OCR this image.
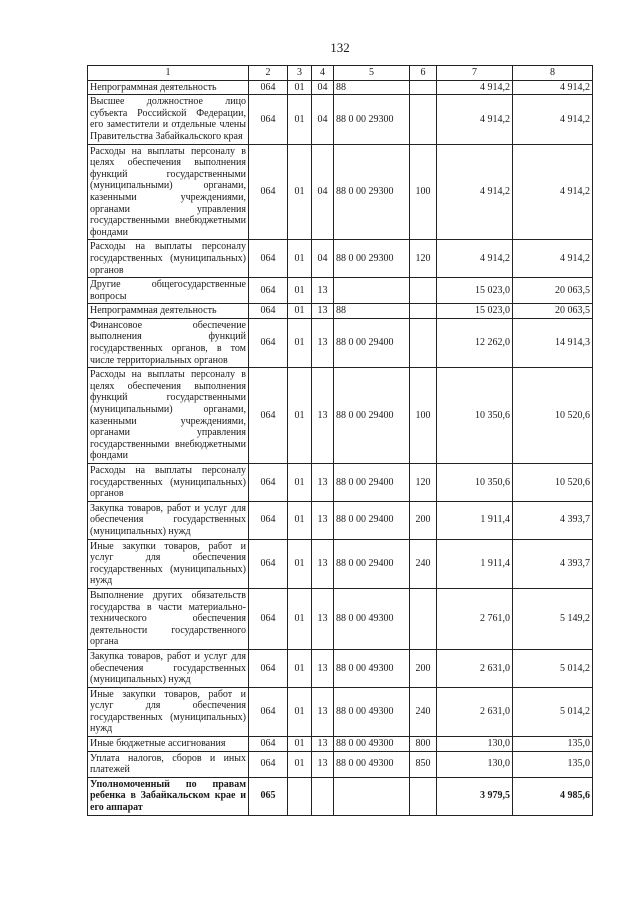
132
1	2	3	4	5	6	7	8
Непрограммная деятельность	064	01	04	88		4 914,2	4 914,2
Высшее должностное лицо субъекта Российской Федерации, его заместители и отдельные члены Правительства Забайкальского края	064	01	04	88 0 00 29300		4 914,2	4 914,2
Расходы на выплаты персоналу в целях обеспечения выполнения функций государственными (муниципальными) органами, казенными учреждениями, органами управления государственными внебюджетными фондами	064	01	04	88 0 00 29300	100	4 914,2	4 914,2
Расходы на выплаты персоналу государственных (муниципальных) органов	064	01	04	88 0 00 29300	120	4 914,2	4 914,2
Другие общегосударственные вопросы	064	01	13			15 023,0	20 063,5
Непрограммная деятельность	064	01	13	88		15 023,0	20 063,5
Финансовое обеспечение выполнения функций государственных органов, в том числе территориальных органов	064	01	13	88 0 00 29400		12 262,0	14 914,3
Расходы на выплаты персоналу в целях обеспечения выполнения функций государственными (муниципальными) органами, казенными учреждениями, органами управления государственными внебюджетными фондами	064	01	13	88 0 00 29400	100	10 350,6	10 520,6
Расходы на выплаты персоналу государственных (муниципальных) органов	064	01	13	88 0 00 29400	120	10 350,6	10 520,6
Закупка товаров, работ и услуг для обеспечения государственных (муниципальных) нужд	064	01	13	88 0 00 29400	200	1 911,4	4 393,7
Иные закупки товаров, работ и услуг для обеспечения государственных (муниципальных) нужд	064	01	13	88 0 00 29400	240	1 911,4	4 393,7
Выполнение других обязательств государства в части материально-технического обеспечения деятельности государственного органа	064	01	13	88 0 00 49300		2 761,0	5 149,2
Закупка товаров, работ и услуг для обеспечения государственных (муниципальных) нужд	064	01	13	88 0 00 49300	200	2 631,0	5 014,2
Иные закупки товаров, работ и услуг для обеспечения государственных (муниципальных) нужд	064	01	13	88 0 00 49300	240	2 631,0	5 014,2
Иные бюджетные ассигнования	064	01	13	88 0 00 49300	800	130,0	135,0
Уплата налогов, сборов и иных платежей	064	01	13	88 0 00 49300	850	130,0	135,0
Уполномоченный по правам ребенка в Забайкальском крае и его аппарат	065					3 979,5	4 985,6
